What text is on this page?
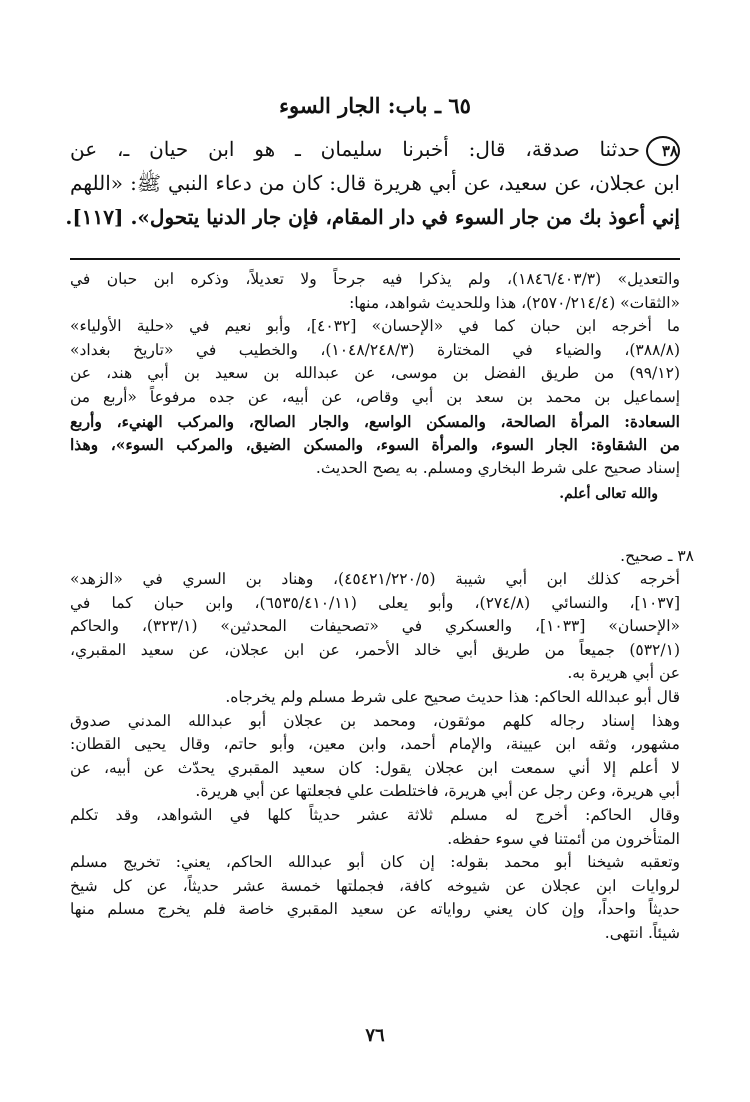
٦٥ ـ باب: الجار السوء
٣٨حدثنا صدقة، قال: أخبرنا سليمان ـ هو ابن حيان ـ، عن
ابن عجلان، عن سعيد، عن أبي هريرة قال: كان من دعاء النبي ﷺ: «اللهم
إني أعوذ بك من جار السوء في دار المقام، فإن جار الدنيا يتحول». [١١٧].
والتعديل» (١٨٤٦/٤٠٣/٣)، ولم يذكرا فيه جرحاً ولا تعديلاً، وذكره ابن حبان في
«الثقات» (٢٥٧٠/٢١٤/٤)، هذا وللحديث شواهد، منها:
ما أخرجه ابن حبان كما في «الإحسان» [٤٠٣٢]، وأبو نعيم في «حلية الأولياء»
(٣٨٨/٨)، والضياء في المختارة (١٠٤٨/٢٤٨/٣)، والخطيب في «تاريخ بغداد»
(٩٩/١٢) من طريق الفضل بن موسى، عن عبدالله بن سعيد بن أبي هند، عن
إسماعيل بن محمد بن سعد بن أبي وقاص، عن أبيه، عن جده مرفوعاً «أربع من
السعادة: المرأة الصالحة، والمسكن الواسع، والجار الصالح، والمركب الهنيء، وأربع
من الشقاوة: الجار السوء، والمرأة السوء، والمسكن الضيق، والمركب السوء»، وهذا
إسناد صحيح على شرط البخاري ومسلم. به يصح الحديث.
والله تعالى أعلم.
٣٨ ـ صحيح.
أخرجه كذلك ابن أبي شيبة (٤٥٤٢١/٢٢٠/٥)، وهناد بن السري في «الزهد»
[١٠٣٧]، والنسائي (٢٧٤/٨)، وأبو يعلى (٦٥٣٥/٤١٠/١١)، وابن حبان كما في
«الإحسان» [١٠٣٣]، والعسكري في «تصحيفات المحدثين» (٣٢٣/١)، والحاكم
(٥٣٢/١) جميعاً من طريق أبي خالد الأحمر، عن ابن عجلان، عن سعيد المقبري،
عن أبي هريرة به.
قال أبو عبدالله الحاكم: هذا حديث صحيح على شرط مسلم ولم يخرجاه.
وهذا إسناد رجاله كلهم موثقون، ومحمد بن عجلان أبو عبدالله المدني صدوق
مشهور، وثقه ابن عيينة، والإمام أحمد، وابن معين، وأبو حاتم، وقال يحيى القطان:
لا أعلم إلا أني سمعت ابن عجلان يقول: كان سعيد المقبري يحدّث عن أبيه، عن
أبي هريرة، وعن رجل عن أبي هريرة، فاختلطت علي فجعلتها عن أبي هريرة.
وقال الحاكم: أخرج له مسلم ثلاثة عشر حديثاً كلها في الشواهد، وقد تكلم
المتأخرون من أئمتنا في سوء حفظه.
وتعقبه شيخنا أبو محمد بقوله: إن كان أبو عبدالله الحاكم، يعني: تخريج مسلم
لروايات ابن عجلان عن شيوخه كافة، فجملتها خمسة عشر حديثاً، عن كل شيخ
حديثاً واحداً، وإن كان يعني رواياته عن سعيد المقبري خاصة فلم يخرج مسلم منها
شيئاً. انتهى.
٧٦
